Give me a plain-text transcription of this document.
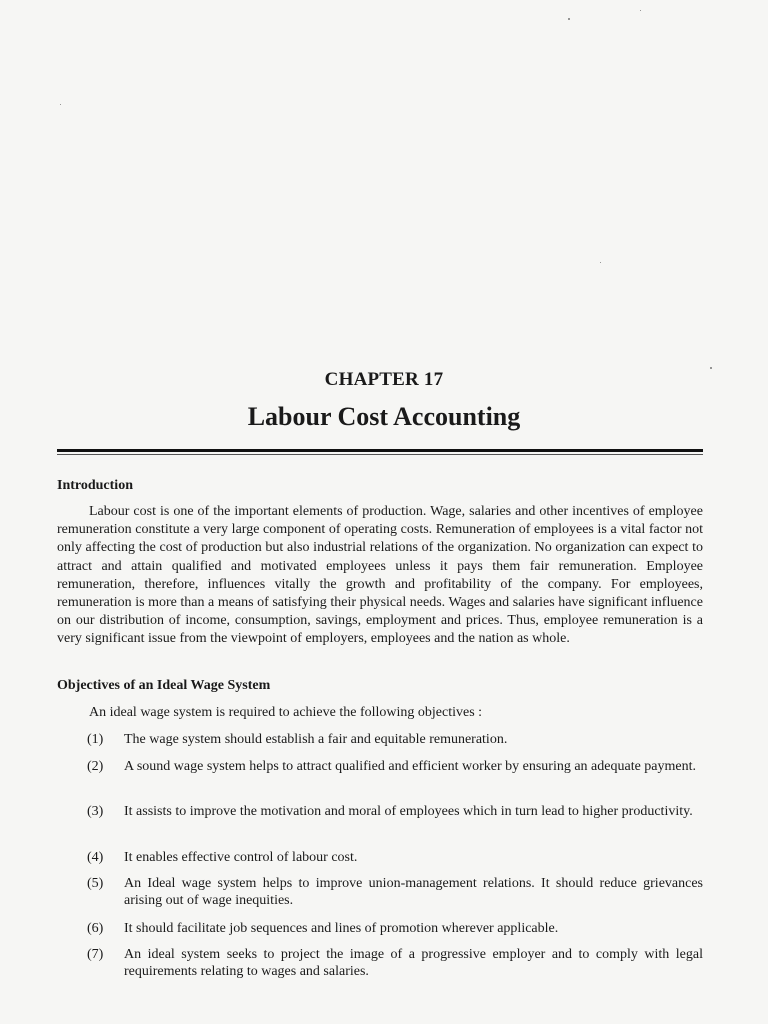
CHAPTER 17
Labour Cost Accounting
Introduction
Labour cost is one of the important elements of production. Wage, salaries and other incentives of employee remuneration constitute a very large component of operating costs. Remuneration of employees is a vital factor not only affecting the cost of production but also industrial relations of the organization. No organization can expect to attract and attain qualified and motivated employees unless it pays them fair remuneration. Employee remuneration, therefore, influences vitally the growth and profitability of the company. For employees, remuneration is more than a means of satisfying their physical needs. Wages and salaries have significant influence on our distribution of income, consumption, savings, employment and prices. Thus, employee remuneration is a very significant issue from the viewpoint of employers, employees and the nation as whole.
Objectives of an Ideal Wage System
An ideal wage system is required to achieve the following objectives :
(1)	The wage system should establish a fair and equitable remuneration.
(2)	A sound wage system helps to attract qualified and efficient worker by ensuring an adequate payment.
(3)	It assists to improve the motivation and moral of employees which in turn lead to higher productivity.
(4)	It enables effective control of labour cost.
(5)	An Ideal wage system helps to improve union-management relations. It should reduce grievances arising out of wage inequities.
(6)	It should facilitate job sequences and lines of promotion wherever applicable.
(7)	An ideal system seeks to project the image of a progressive employer and to comply with legal requirements relating to wages and salaries.
